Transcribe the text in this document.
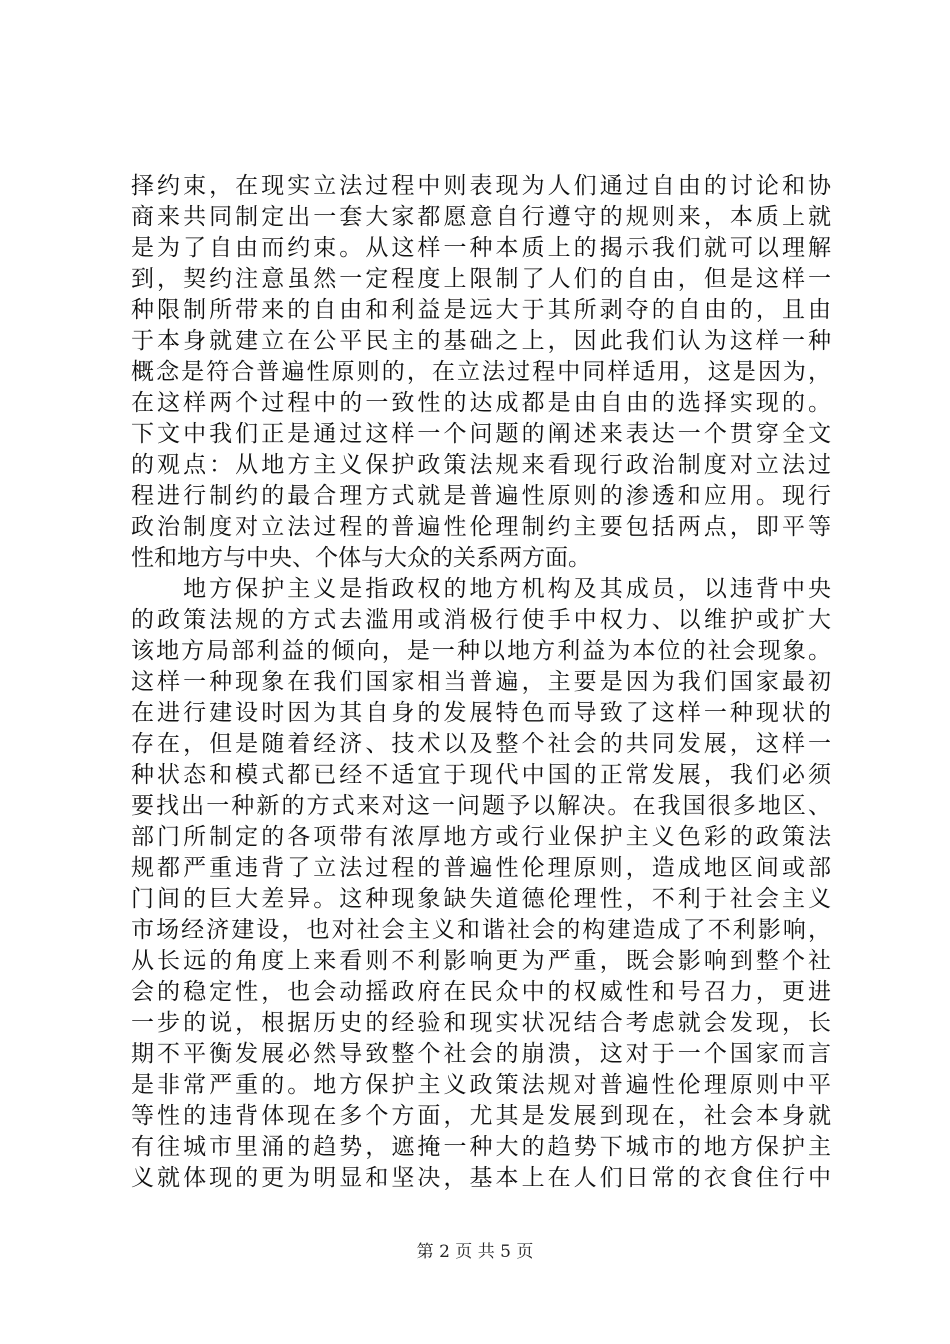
择约束，在现实立法过程中则表现为人们通过自由的讨论和协
商来共同制定出一套大家都愿意自行遵守的规则来，本质上就
是为了自由而约束。从这样一种本质上的揭示我们就可以理解
到，契约注意虽然一定程度上限制了人们的自由，但是这样一
种限制所带来的自由和利益是远大于其所剥夺的自由的，且由
于本身就建立在公平民主的基础之上，因此我们认为这样一种
概念是符合普遍性原则的，在立法过程中同样适用，这是因为，
在这样两个过程中的一致性的达成都是由自由的选择实现的。
下文中我们正是通过这样一个问题的阐述来表达一个贯穿全文
的观点：从地方主义保护政策法规来看现行政治制度对立法过
程进行制约的最合理方式就是普遍性原则的渗透和应用。现行
政治制度对立法过程的普遍性伦理制约主要包括两点，即平等
性和地方与中央、个体与大众的关系两方面。
　　地方保护主义是指政权的地方机构及其成员，以违背中央
的政策法规的方式去滥用或消极行使手中权力、以维护或扩大
该地方局部利益的倾向，是一种以地方利益为本位的社会现象。
这样一种现象在我们国家相当普遍，主要是因为我们国家最初
在进行建设时因为其自身的发展特色而导致了这样一种现状的
存在，但是随着经济、技术以及整个社会的共同发展，这样一
种状态和模式都已经不适宜于现代中国的正常发展，我们必须
要找出一种新的方式来对这一问题予以解决。在我国很多地区、
部门所制定的各项带有浓厚地方或行业保护主义色彩的政策法
规都严重违背了立法过程的普遍性伦理原则，造成地区间或部
门间的巨大差异。这种现象缺失道德伦理性，不利于社会主义
市场经济建设，也对社会主义和谐社会的构建造成了不利影响，
从长远的角度上来看则不利影响更为严重，既会影响到整个社
会的稳定性，也会动摇政府在民众中的权威性和号召力，更进
一步的说，根据历史的经验和现实状况结合考虑就会发现，长
期不平衡发展必然导致整个社会的崩溃，这对于一个国家而言
是非常严重的。地方保护主义政策法规对普遍性伦理原则中平
等性的违背体现在多个方面，尤其是发展到现在，社会本身就
有往城市里涌的趋势，遮掩一种大的趋势下城市的地方保护主
义就体现的更为明显和坚决，基本上在人们日常的衣食住行中
第 2 页 共 5 页
